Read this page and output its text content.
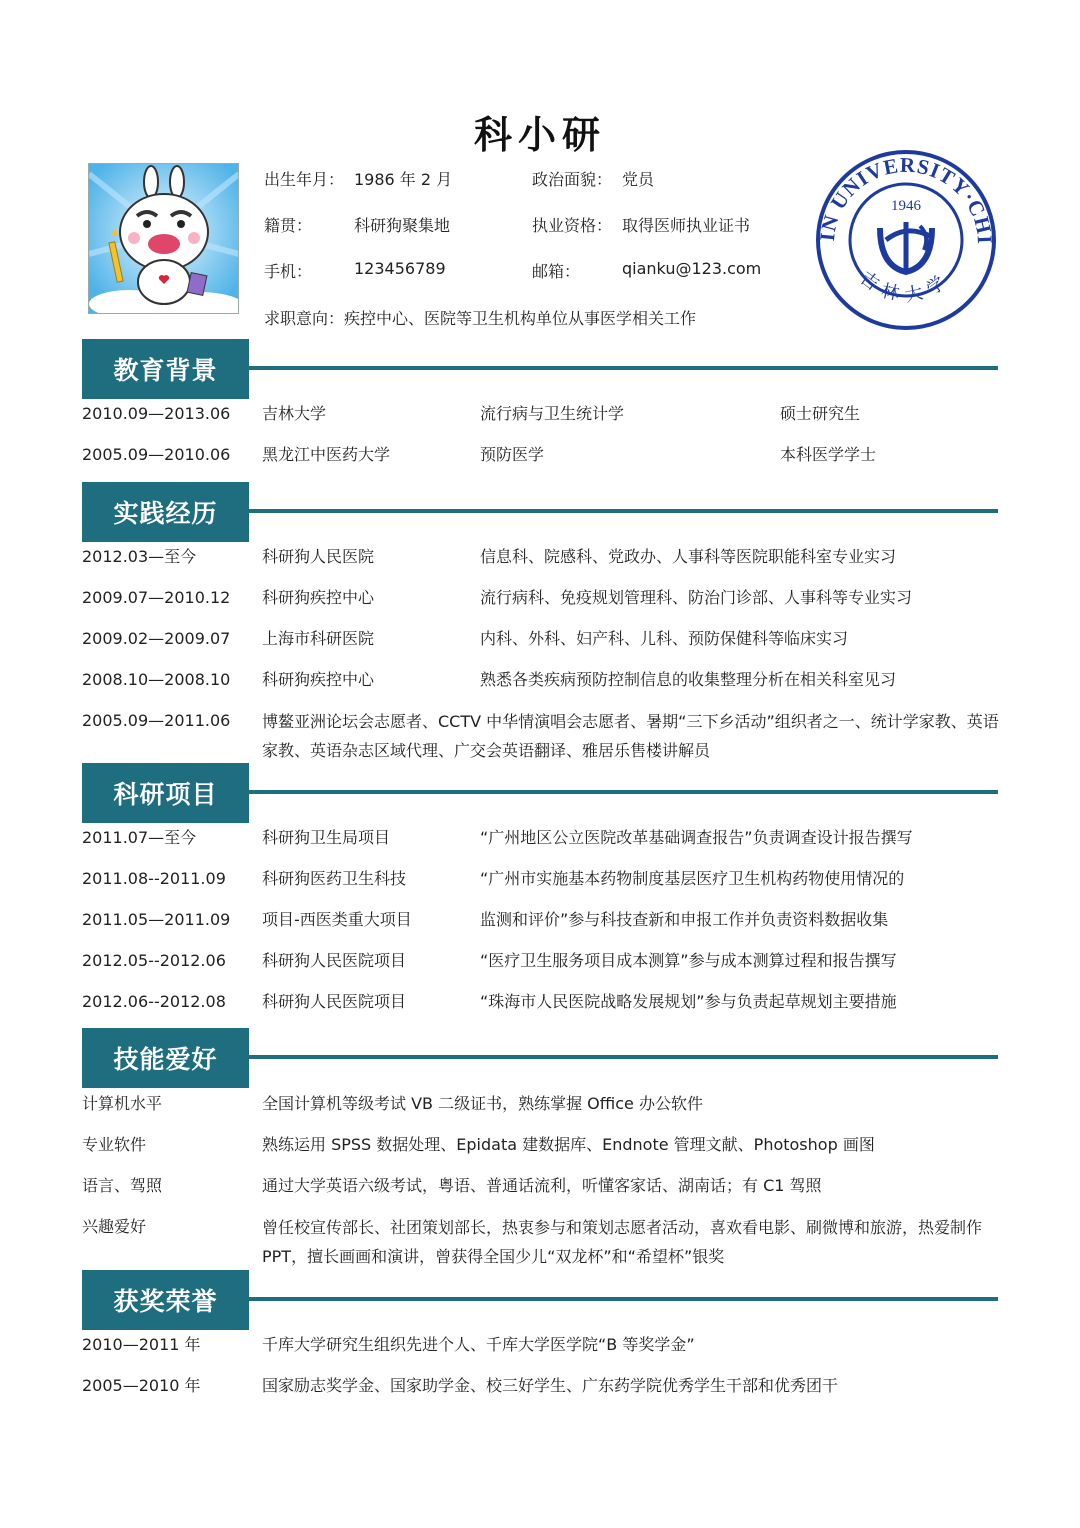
科小研
出生年月： 1986 年 2 月	政治面貌： 党员
籍贯：	科研狗聚集地	执业资格： 取得医师执业证书
手机：	123456789	邮箱：	qianku@123.com
求职意向：疾控中心、医院等卫生机构单位从事医学相关工作
IN UNIVERSITY·CHI
吉林大学
1946
教育背景
2010.09—2013.06 吉林大学	流行病与卫生统计学	硕士研究生
2005.09—2010.06 黑龙江中医药大学	预防医学	本科医学学士
实践经历
2012.03—至今	科研狗人民医院	信息科、院感科、党政办、人事科等医院职能科室专业实习
2009.07—2010.12 科研狗疾控中心	流行病科、免疫规划管理科、防治门诊部、人事科等专业实习
2009.02—2009.07 上海市科研医院	内科、外科、妇产科、儿科、预防保健科等临床实习
2008.10—2008.10 科研狗疾控中心	熟悉各类疾病预防控制信息的收集整理分析在相关科室见习
2005.09—2011.06 博鳌亚洲论坛会志愿者、CCTV 中华情演唱会志愿者、暑期“三下乡活动”组织者之一、统计学家教、英语家教、英语杂志区域代理、广交会英语翻译、雅居乐售楼讲解员
科研项目
2011.07—至今	科研狗卫生局项目	“广州地区公立医院改革基础调查报告”负责调查设计报告撰写
2011.08--2011.09 科研狗医药卫生科技	“广州市实施基本药物制度基层医疗卫生机构药物使用情况的
2011.05—2011.09 项目-西医类重大项目	监测和评价”参与科技查新和申报工作并负责资料数据收集
2012.05--2012.06 科研狗人民医院项目	“医疗卫生服务项目成本测算”参与成本测算过程和报告撰写
2012.06--2012.08 科研狗人民医院项目	“珠海市人民医院战略发展规划”参与负责起草规划主要措施
技能爱好
计算机水平	全国计算机等级考试 VB 二级证书，熟练掌握 Office 办公软件
专业软件	熟练运用 SPSS 数据处理、Epidata 建数据库、Endnote 管理文献、Photoshop 画图
语言、驾照	通过大学英语六级考试，粤语、普通话流利，听懂客家话、湖南话；有 C1 驾照
兴趣爱好	曾任校宣传部长、社团策划部长，热衷参与和策划志愿者活动，喜欢看电影、刷微博和旅游，热爱制作 PPT，擅长画画和演讲，曾获得全国少儿“双龙杯”和“希望杯”银奖
获奖荣誉
2010—2011 年	千库大学研究生组织先进个人、千库大学医学院“B 等奖学金”
2005—2010 年	国家励志奖学金、国家助学金、校三好学生、广东药学院优秀学生干部和优秀团干
